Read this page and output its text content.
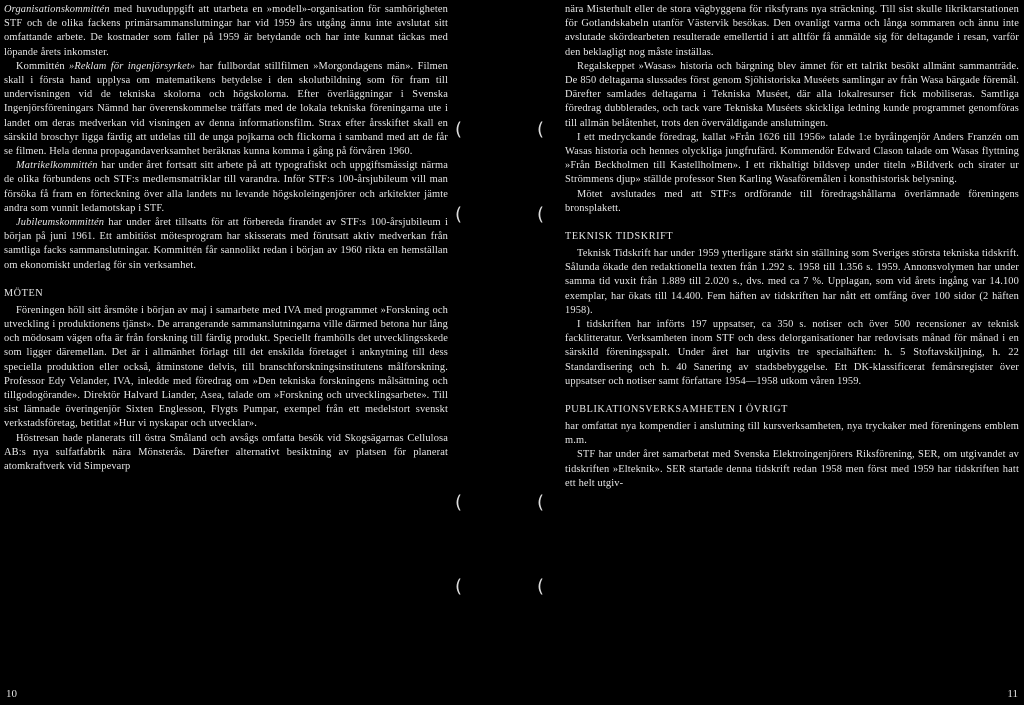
Organisationskommittén med huvuduppgift att utarbeta en »modell»-organisation för samhörigheten STF och de olika fackens primärsammanslutningar har vid 1959 års utgång ännu inte avslutat sitt omfattande arbete. De kostnader som faller på 1959 är betydande och har inte kunnat täckas med löpande årets inkomster.

Kommittén »Reklam för ingenjörsyrket» har fullbordat stillfilmen »Morgondagens män». Filmen skall i första hand upplysa om matematikens betydelse i den skolutbildning som för fram till undervisningen vid de tekniska skolorna och högskolorna. Efter överläggningar i Svenska Ingenjörsföreningars Nämnd har överenskommelse träffats med de lokala tekniska föreningarna ute i landet om deras medverkan vid visningen av denna informationsfilm. Strax efter årsskiftet skall en särskild broschyr ligga färdig att utdelas till de unga pojkarna och flickorna i samband med att de får se filmen. Hela denna propagandaverksamhet beräknas kunna komma i gång på förvåren 1960.

Matrikelkommittén har under året fortsatt sitt arbete på att typografiskt och uppgiftsmässigt närma de olika förbundens och STF:s medlemsmatriklar till varandra. Inför STF:s 100-årsjubileum vill man försöka få fram en förteckning över alla landets nu levande högskoleingenjörer och arkitekter jämte andra som vunnit ledamotskap i STF.

Jubileumskommittén har under året tillsatts för att förbereda firandet av STF:s 100-årsjubileum i början på juni 1961. Ett ambitiöst mötesprogram har skisserats med förutsatt aktiv medverkan från samtliga facks sammanslutningar. Kommittén får sannolikt redan i början av 1960 rikta en hemställan om ekonomiskt underlag för sin verksamhet.

MÖTEN

Föreningen höll sitt årsmöte i början av maj i samarbete med IVA med programmet »Forskning och utveckling i produktionens tjänst». De arrangerande sammanslutningarna ville därmed betona hur lång och mödosam vägen ofta är från forskning till färdig produkt. Speciellt framhölls det utvecklingsskede som ligger däremellan. Det är i allmänhet förlagt till det enskilda företaget i anknytning till dess speciella produktion eller också, åtminstone delvis, till branschforskningsinstitutens målforskning. Professor Edy Velander, IVA, inledde med föredrag om »Den tekniska forskningens målsättning och tillgodogörande». Direktör Halvard Liander, Asea, talade om »Forskning och utvecklingsarbete». Till sist lämnade överingenjör Sixten Englesson, Flygts Pumpar, exempel från ett medelstort svenskt verkstadsföretag, betitlat »Hur vi nyskapar och utvecklar».

Höstresan hade planerats till östra Småland och avsågs omfatta besök vid Skogsägarnas Cellulosa AB:s nya sulfatfabrik nära Mönsterås. Därefter alternativt besiktning av platsen för planerat atomkraftverk vid Simpevarp

10

nära Misterhult eller de stora vägbyggena för riksfyrans nya sträckning. Till sist skulle likriktarstationen för Gotlandskabeln utanför Västervik besökas. Den ovanligt varma och långa sommaren och ännu inte avslutade skördearbeten resulterade emellertid i att alltför få anmälde sig för deltagande i resan, varför den beklagligt nog måste inställas.

Regalskeppet »Wasas» historia och bärgning blev ämnet för ett talrikt besökt allmänt sammanträde. De 850 deltagarna slussades först genom Sjöhistoriska Muséets samlingar av från Wasa bärgade föremål. Därefter samlades deltagarna i Tekniska Muséet, där alla lokalresurser fick mobiliseras. Samtliga föredrag dubblerades, och tack vare Tekniska Muséets skickliga ledning kunde programmet genomföras till allmän belåtenhet, trots den överväldigande anslutningen.

I ett medryckande föredrag, kallat »Från 1626 till 1956» talade 1:e byråingenjör Anders Franzén om Wasas historia och hennes olyckliga jungfrufärd. Kommendör Edward Clason talade om Wasas flyttning »Från Beckholmen till Kastellholmen». I ett rikhaltigt bildsvep under titeln »Bildverk och sirater ur Strömmens djup» ställde professor Sten Karling Wasaföremålen i konsthistorisk belysning.

Mötet avslutades med att STF:s ordförande till föredragshållarna överlämnade föreningens bronsplakett.

TEKNISK TIDSKRIFT

Teknisk Tidskrift har under 1959 ytterligare stärkt sin ställning som Sveriges största tekniska tidskrift. Sålunda ökade den redaktionella texten från 1.292 s. 1958 till 1.356 s. 1959. Annonsvolymen har under samma tid vuxit från 1.889 till 2.020 s., dvs. med ca 7 %. Upplagan, som vid årets ingång var 14.100 exemplar, har ökats till 14.400. Fem häften av tidskriften har nått ett omfång över 100 sidor (2 häften 1958).

I tidskriften har införts 197 uppsatser, ca 350 s. notiser och över 500 recensioner av teknisk facklitteratur. Verksamheten inom STF och dess delorganisationer har redovisats månad för månad i en särskild föreningsspalt. Under året har utgivits tre specialhäften: h. 5 Stoftavskiljning, h. 22 Standardisering och h. 40 Sanering av stadsbebyggelse. Ett DK-klassificerat femårsregister över uppsatser och notiser samt författare 1954—1958 utkom våren 1959.

PUBLIKATIONSVERKSAMHETEN I ÖVRIGT

har omfattat nya kompendier i anslutning till kursverksamheten, nya tryckaker med föreningens emblem m.m.

STF har under året samarbetat med Svenska Elektroingenjörers Riksförening, SER, om utgivandet av tidskriften »Elteknik». SER startade denna tidskrift redan 1958 men först med 1959 har tidskriften hatt ett helt utgiv-

11
(	(
(	(
(	(
(	(
